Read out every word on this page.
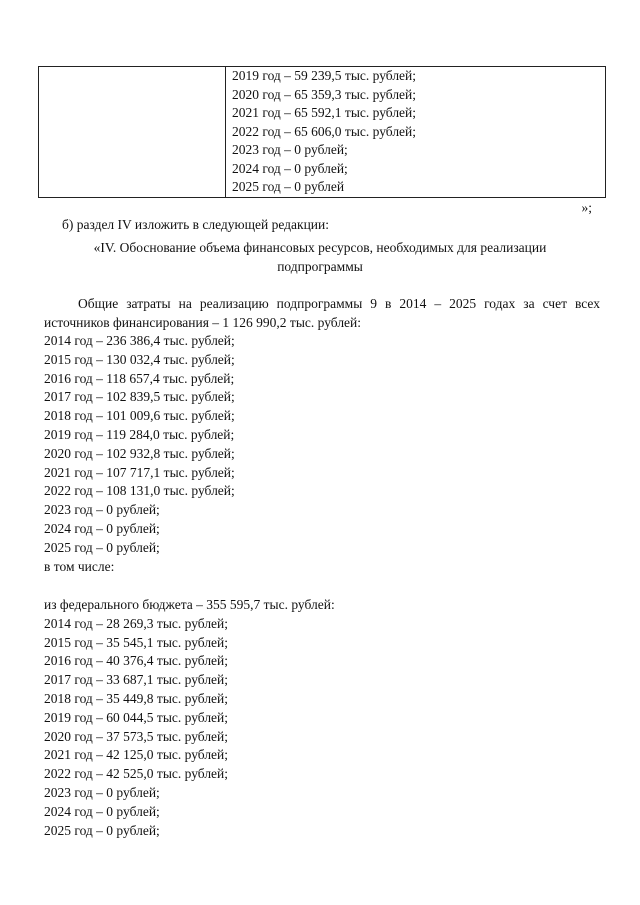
2019 год – 59 239,5 тыс. рублей;
2020 год – 65 359,3 тыс. рублей;
2021 год – 65 592,1 тыс. рублей;
2022 год – 65 606,0 тыс. рублей;
2023 год – 0 рублей;
2024 год – 0 рублей;
2025 год – 0 рублей
»;
б) раздел IV изложить в следующей редакции:
«IV. Обоснование объема финансовых ресурсов, необходимых для реализации
подпрограммы
Общие затраты на реализацию подпрограммы 9 в 2014 – 2025 годах за счет всех
источников финансирования – 1 126 990,2 тыс. рублей:
2014 год – 236 386,4 тыс. рублей;
2015 год – 130 032,4 тыс. рублей;
2016 год – 118 657,4 тыс. рублей;
2017 год – 102 839,5 тыс. рублей;
2018 год – 101 009,6 тыс. рублей;
2019 год – 119 284,0 тыс. рублей;
2020 год – 102 932,8 тыс. рублей;
2021 год – 107 717,1 тыс. рублей;
2022 год – 108 131,0 тыс. рублей;
2023 год – 0 рублей;
2024 год – 0 рублей;
2025 год – 0 рублей;
в том числе:
из федерального бюджета – 355 595,7 тыс. рублей:
2014 год – 28 269,3 тыс. рублей;
2015 год – 35 545,1 тыс. рублей;
2016 год – 40 376,4 тыс. рублей;
2017 год – 33 687,1 тыс. рублей;
2018 год – 35 449,8 тыс. рублей;
2019 год – 60 044,5 тыс. рублей;
2020 год – 37 573,5 тыс. рублей;
2021 год – 42 125,0 тыс. рублей;
2022 год – 42 525,0 тыс. рублей;
2023 год – 0 рублей;
2024 год – 0 рублей;
2025 год – 0 рублей;
